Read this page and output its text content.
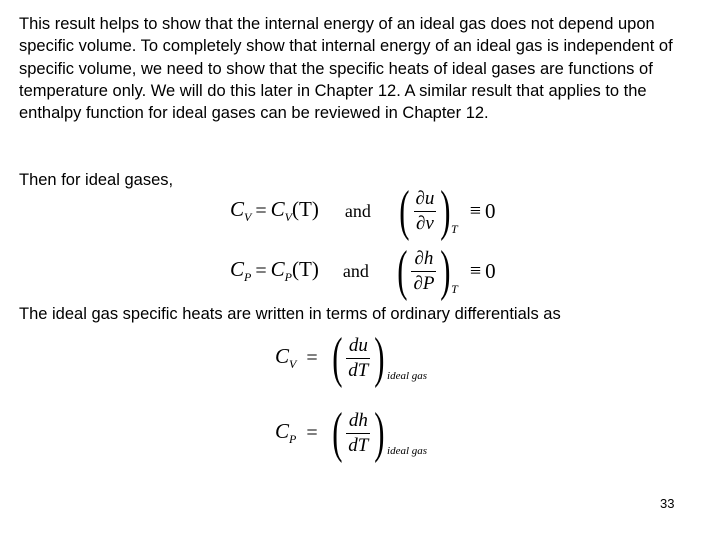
This result helps to show that the internal energy of an ideal gas does not depend upon specific volume. To completely show that internal energy of an ideal gas is independent of specific volume, we need to show that the specific heats of ideal gases are functions of temperature only. We will do this later in Chapter 12. A similar result that applies to the enthalpy function for ideal gases can be reviewed in Chapter 12.

Then for ideal gases,

$C_V = C_V(T)$ and ( $\frac{\partial u}{\partial v}$ ) T
≡ 0
$C_P = C_P(T)$ and ( $\frac{\partial h}{\partial P}$ ) T
≡ 0

The ideal gas specific heats are written in terms of ordinary differentials as

$C_V$ = ( $\frac{du}{dT}$ ) ideal gas
$C_P$ = ( $\frac{dh}{dT}$ ) ideal gas
33
